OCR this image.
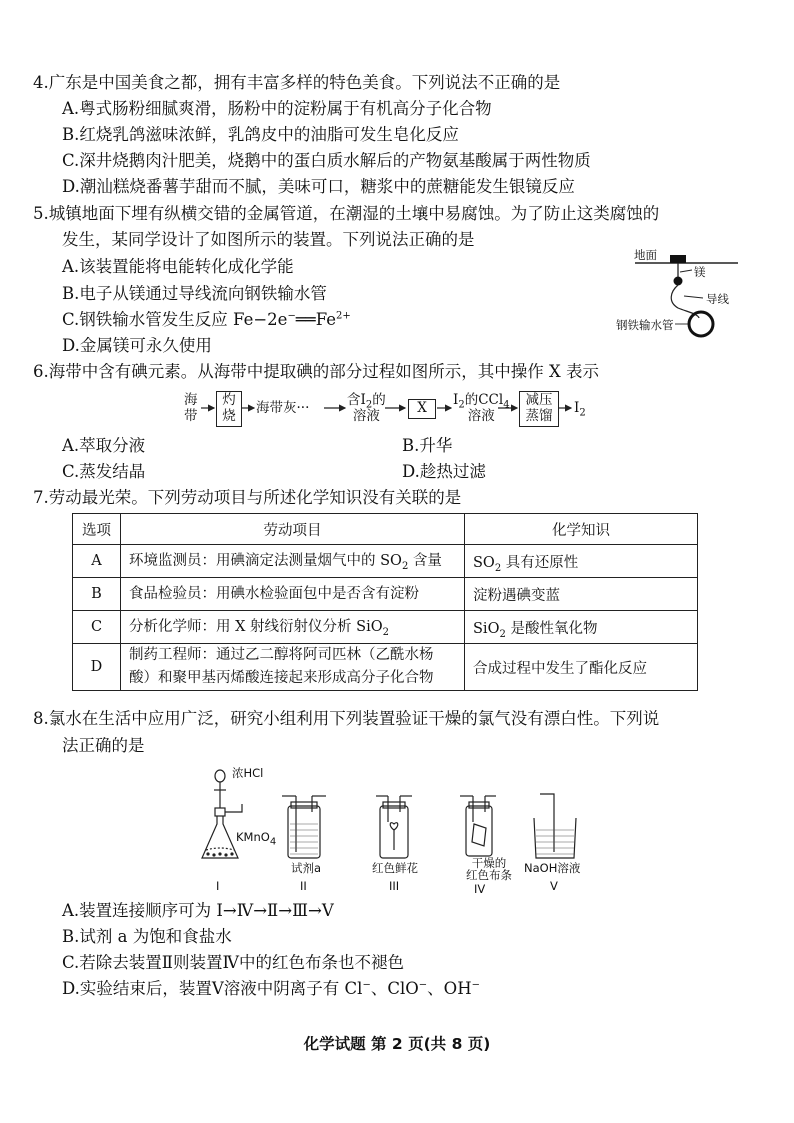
4.广东是中国美食之都，拥有丰富多样的特色美食。下列说法不正确的是
A.粤式肠粉细腻爽滑，肠粉中的淀粉属于有机高分子化合物
B.红烧乳鸽滋味浓鲜，乳鸽皮中的油脂可发生皂化反应
C.深井烧鹅肉汁肥美，烧鹅中的蛋白质水解后的产物氨基酸属于两性物质
D.潮汕糕烧番薯芋甜而不腻，美味可口，糖浆中的蔗糖能发生银镜反应
5.城镇地面下埋有纵横交错的金属管道，在潮湿的土壤中易腐蚀。为了防止这类腐蚀的
发生，某同学设计了如图所示的装置。下列说法正确的是
A.该装置能将电能转化成化学能
B.电子从镁通过导线流向钢铁输水管
C.钢铁输水管发生反应 $Fe-2e^-══Fe^{2+}$
D.金属镁可永久使用
地面
镁
导线
钢铁输水管
6.海带中含有碘元素。从海带中提取碘的部分过程如图所示，其中操作 X 表示
海
带
灼
烧	海带灰···	含$I_2$的
溶液	X	$I_2$的CCl$_4$
溶液
减压
蒸馏	$I_2$
A.萃取分液	B.升华
C.蒸发结晶	D.趁热过滤
7.劳动最光荣。下列劳动项目与所述化学知识没有关联的是
选项	劳动项目	化学知识
A	环境监测员：用碘滴定法测量烟气中的 $SO_2$ 含量	$SO_2$ 具有还原性
B	食品检验员：用碘水检验面包中是否含有淀粉	淀粉遇碘变蓝
C	分析化学师：用 X 射线衍射仪分析 SiO$_2$	SiO$_2$ 是酸性氧化物
D	制药工程师：通过乙二醇将阿司匹林（乙酰水杨
酸）和聚甲基丙烯酸连接起来形成高分子化合物	合成过程中发生了酯化反应
8.氯水在生活中应用广泛，研究小组利用下列装置验证干燥的氯气没有漂白性。下列说
法正确的是
浓HCl
KMnO$_4$
试剂a	红色鲜花	干燥的
红色布条 NaOH溶液
I	II	III	IV	V
A.装置连接顺序可为 Ⅰ→Ⅳ→Ⅱ→Ⅲ→Ⅴ
B.试剂 a 为饱和食盐水
C.若除去装置Ⅱ则装置Ⅳ中的红色布条也不褪色
D.实验结束后，装置Ⅴ溶液中阴离子有 Cl−、ClO−、OH−
化学试题 第 2 页(共 8 页)
